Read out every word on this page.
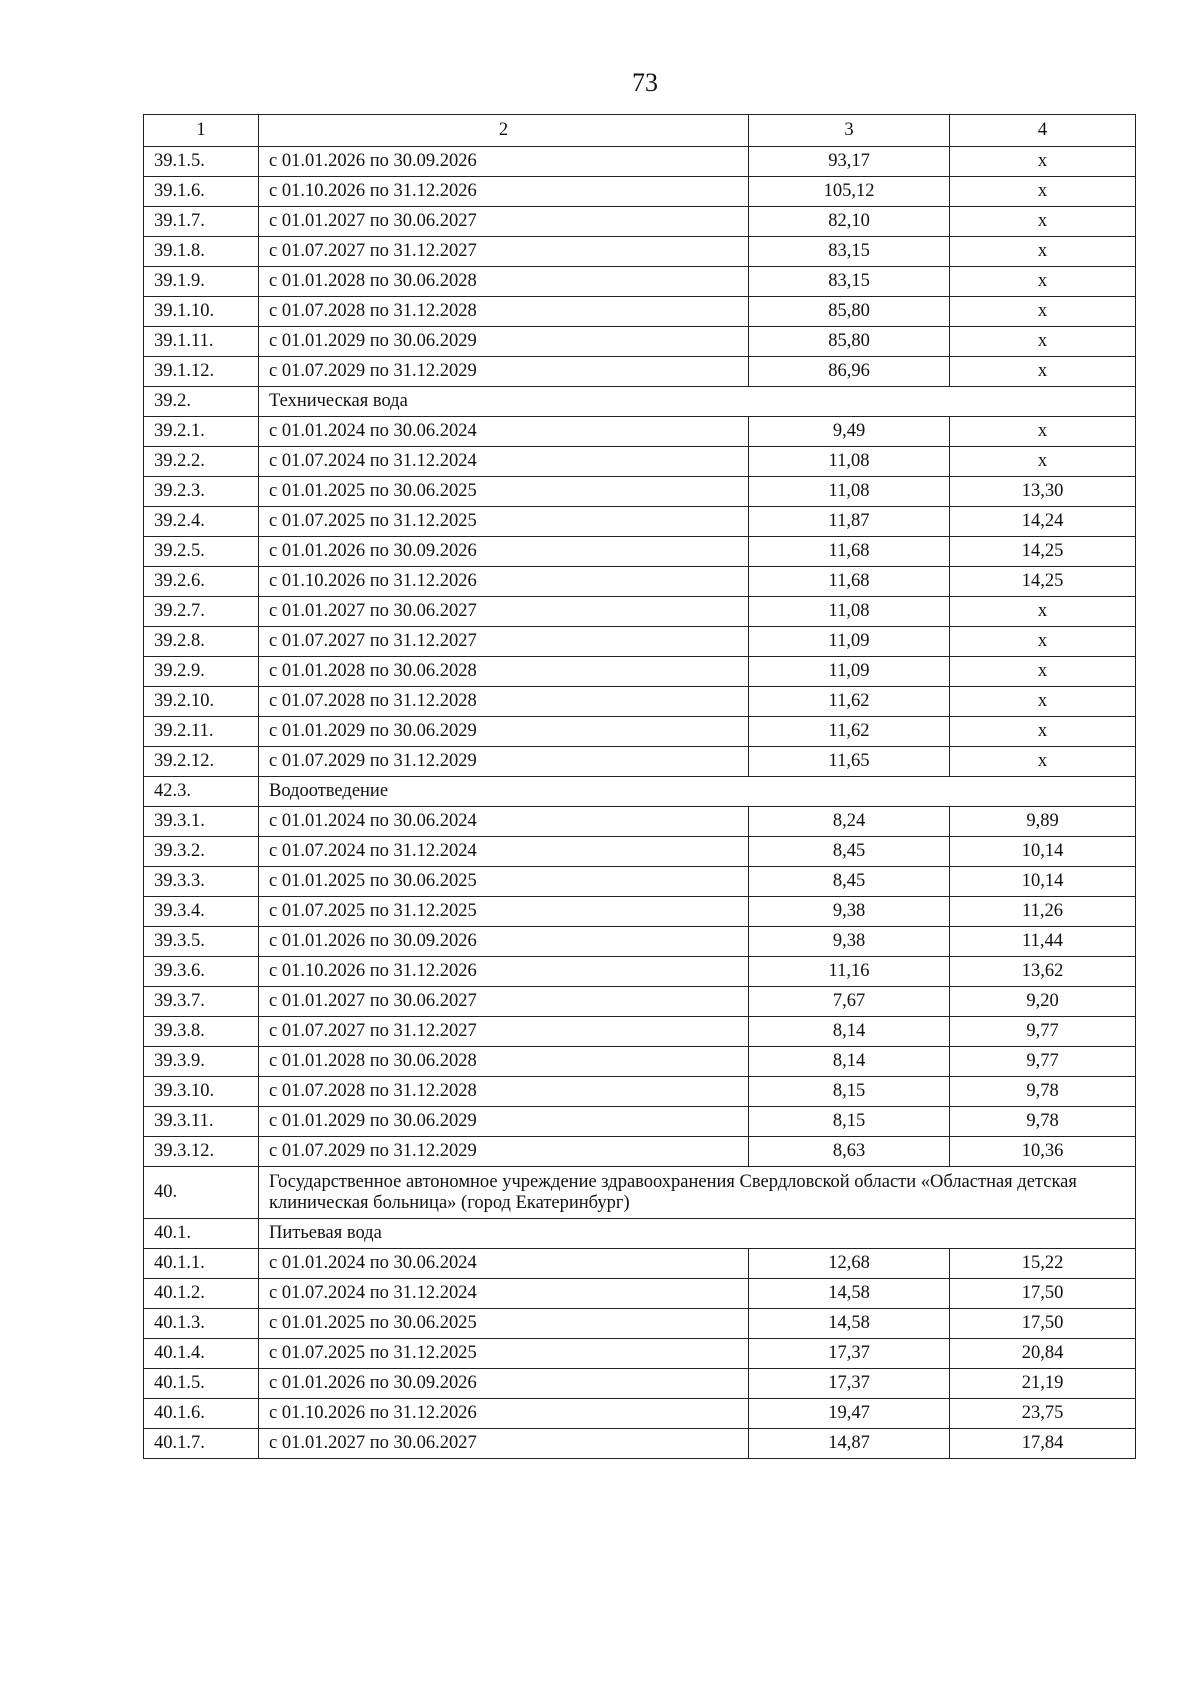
73
1	2	3	4
39.1.5.	с 01.01.2026 по 30.09.2026	93,17	х
39.1.6.	с 01.10.2026 по 31.12.2026	105,12	х
39.1.7.	с 01.01.2027 по 30.06.2027	82,10	х
39.1.8.	с 01.07.2027 по 31.12.2027	83,15	х
39.1.9.	с 01.01.2028 по 30.06.2028	83,15	х
39.1.10.	с 01.07.2028 по 31.12.2028	85,80	х
39.1.11.	с 01.01.2029 по 30.06.2029	85,80	х
39.1.12.	с 01.07.2029 по 31.12.2029	86,96	х
39.2.	Техническая вода		
39.2.1.	с 01.01.2024 по 30.06.2024	9,49	х
39.2.2.	с 01.07.2024 по 31.12.2024	11,08	х
39.2.3.	с 01.01.2025 по 30.06.2025	11,08	13,30
39.2.4.	с 01.07.2025 по 31.12.2025	11,87	14,24
39.2.5.	с 01.01.2026 по 30.09.2026	11,68	14,25
39.2.6.	с 01.10.2026 по 31.12.2026	11,68	14,25
39.2.7.	с 01.01.2027 по 30.06.2027	11,08	х
39.2.8.	с 01.07.2027 по 31.12.2027	11,09	х
39.2.9.	с 01.01.2028 по 30.06.2028	11,09	х
39.2.10.	с 01.07.2028 по 31.12.2028	11,62	х
39.2.11.	с 01.01.2029 по 30.06.2029	11,62	х
39.2.12.	с 01.07.2029 по 31.12.2029	11,65	х
42.3.	Водоотведение		
39.3.1.	с 01.01.2024 по 30.06.2024	8,24	9,89
39.3.2.	с 01.07.2024 по 31.12.2024	8,45	10,14
39.3.3.	с 01.01.2025 по 30.06.2025	8,45	10,14
39.3.4.	с 01.07.2025 по 31.12.2025	9,38	11,26
39.3.5.	с 01.01.2026 по 30.09.2026	9,38	11,44
39.3.6.	с 01.10.2026 по 31.12.2026	11,16	13,62
39.3.7.	с 01.01.2027 по 30.06.2027	7,67	9,20
39.3.8.	с 01.07.2027 по 31.12.2027	8,14	9,77
39.3.9.	с 01.01.2028 по 30.06.2028	8,14	9,77
39.3.10.	с 01.07.2028 по 31.12.2028	8,15	9,78
39.3.11.	с 01.01.2029 по 30.06.2029	8,15	9,78
39.3.12.	с 01.07.2029 по 31.12.2029	8,63	10,36
40.	Государственное автономное учреждение здравоохранения Свердловской области «Областная детская клиническая больница» (город Екатеринбург)		
40.1.	Питьевая вода		
40.1.1.	с 01.01.2024 по 30.06.2024	12,68	15,22
40.1.2.	с 01.07.2024 по 31.12.2024	14,58	17,50
40.1.3.	с 01.01.2025 по 30.06.2025	14,58	17,50
40.1.4.	с 01.07.2025 по 31.12.2025	17,37	20,84
40.1.5.	с 01.01.2026 по 30.09.2026	17,37	21,19
40.1.6.	с 01.10.2026 по 31.12.2026	19,47	23,75
40.1.7.	с 01.01.2027 по 30.06.2027	14,87	17,84
